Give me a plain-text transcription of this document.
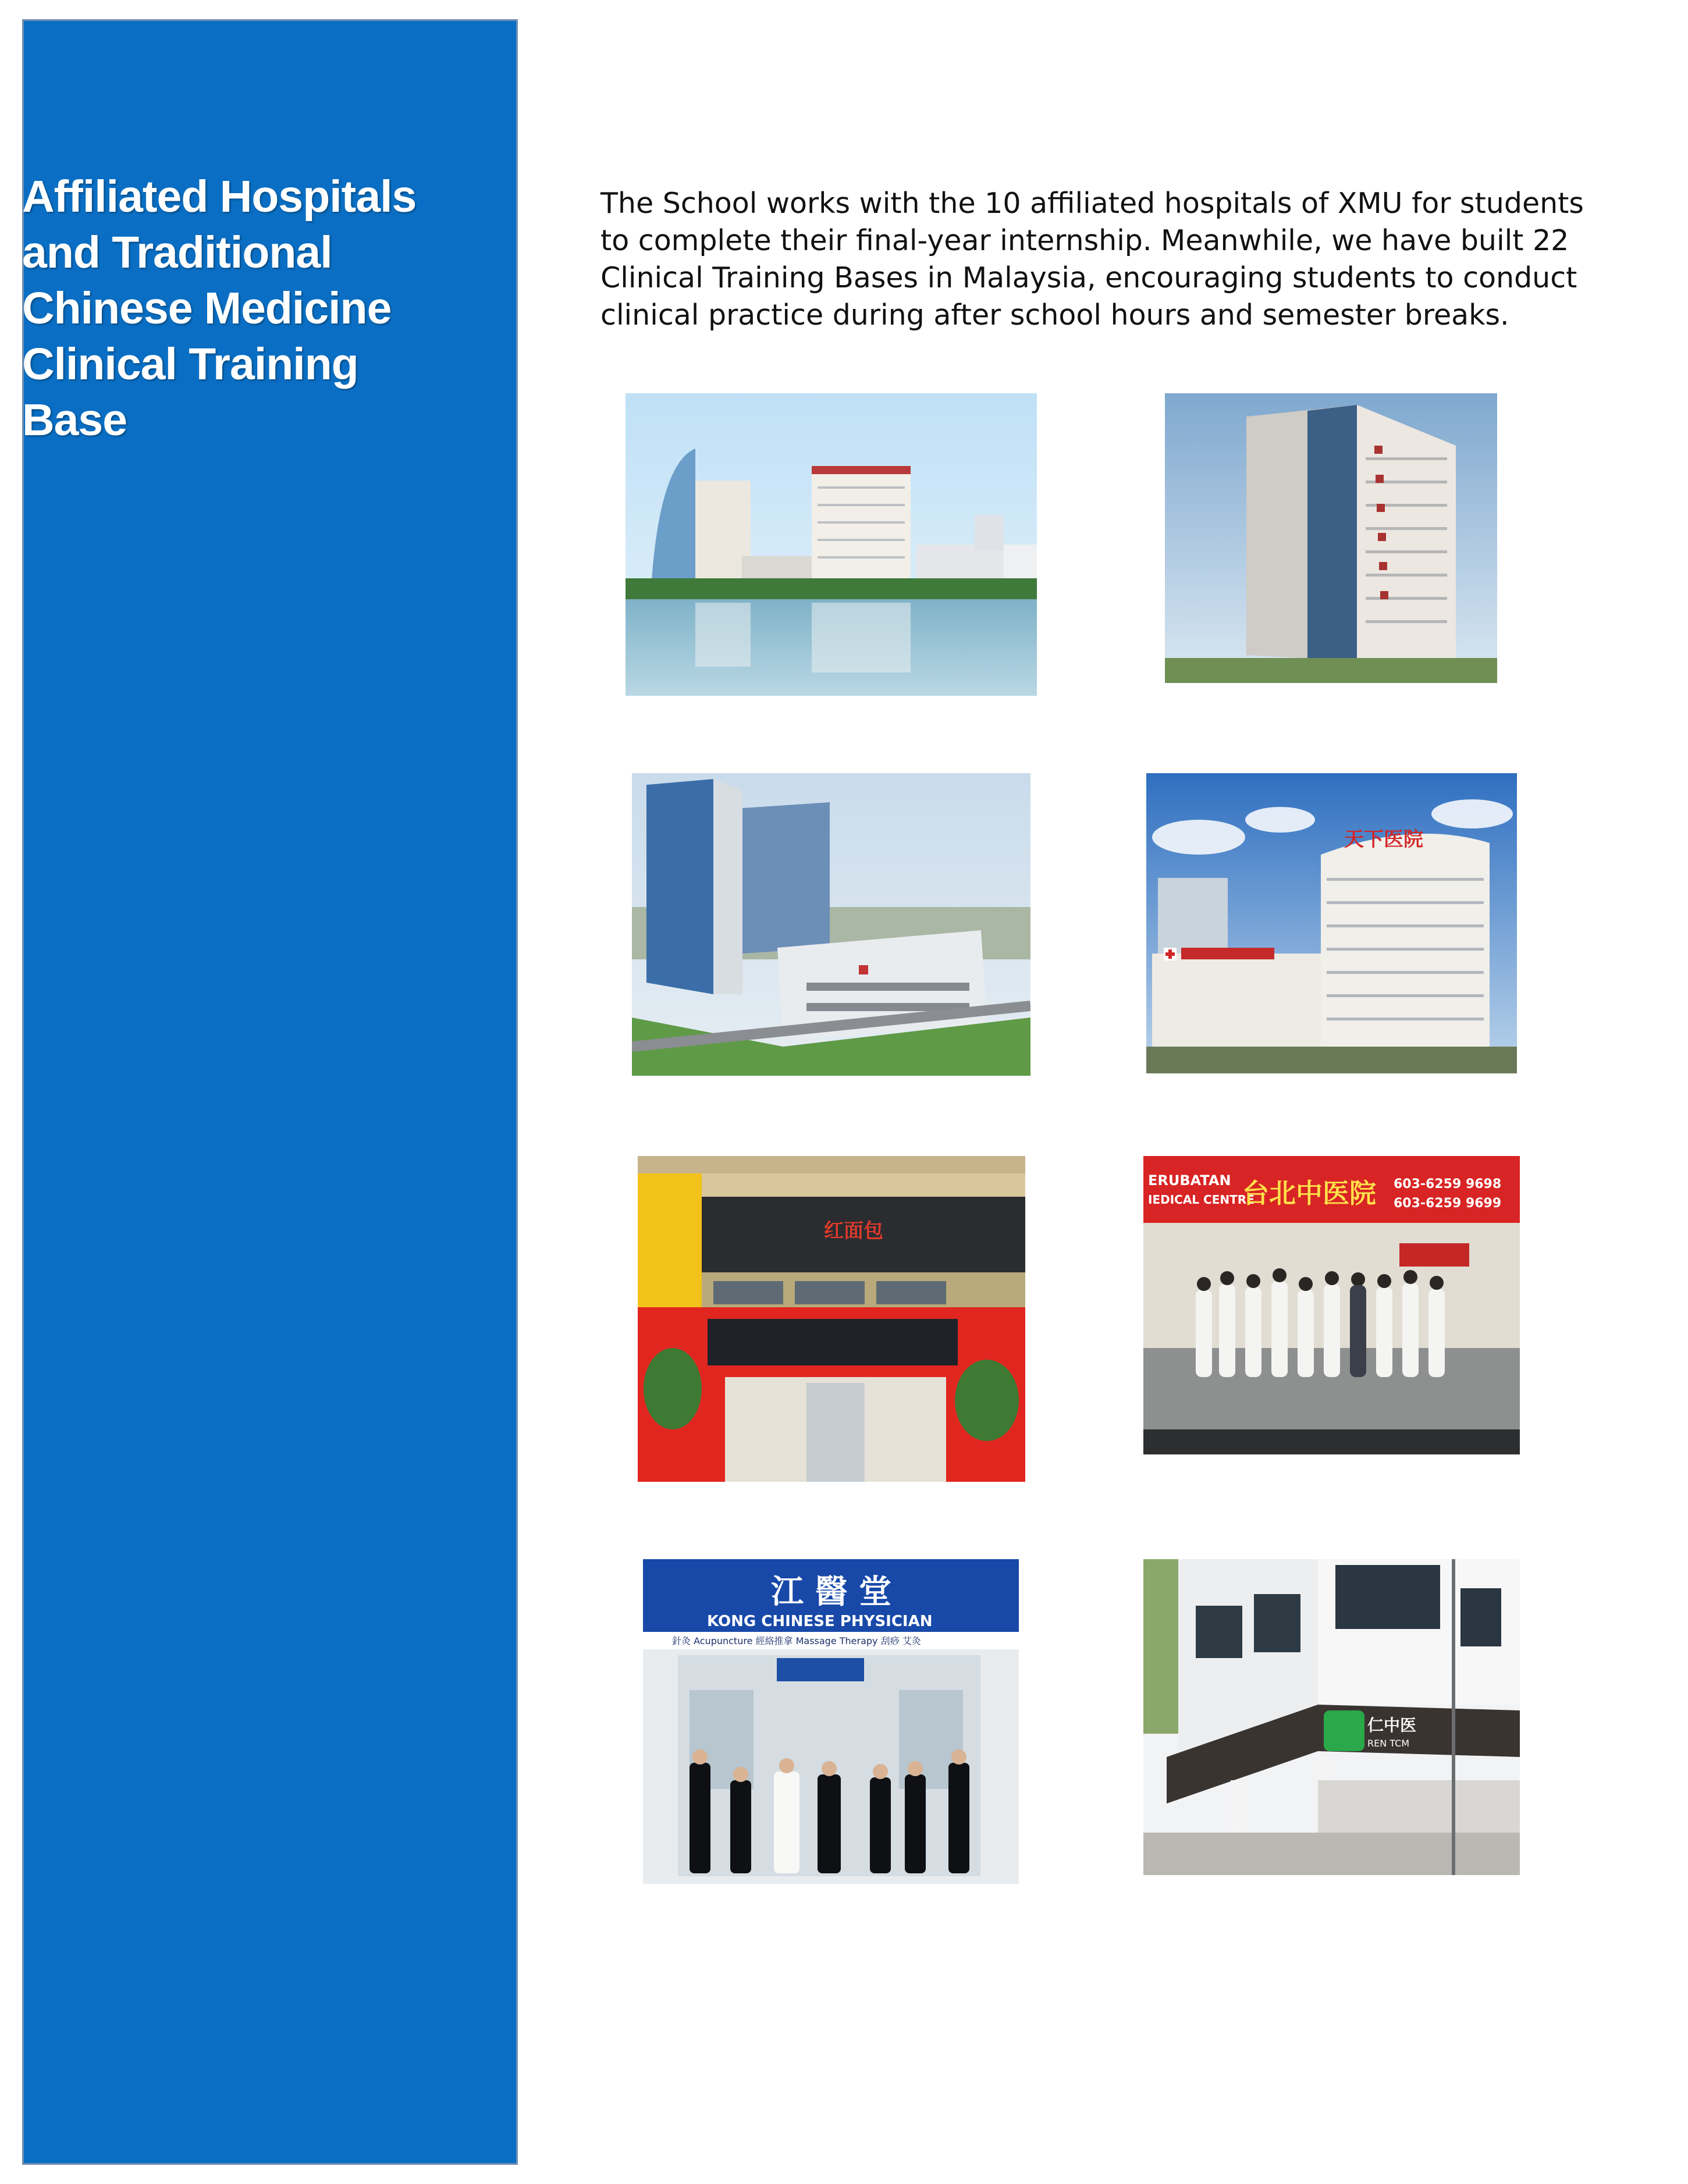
Affiliated Hospitals and Traditional Chinese Medicine Clinical Training Base

The School works with the 10 affiliated hospitals of XMU for students to complete their final-year internship. Meanwhile, we have built 22 Clinical Training Bases in Malaysia, encouraging students to conduct clinical practice during after school hours and semester breaks.

天下医院
红面包
ERUBATAN
IEDICAL CENTRE
台北中医院 603-6259 9698
603-6259 9699
江 醫 堂
KONG CHINESE PHYSICIAN
針灸 Acupuncture 經絡推拿 Massage Therapy 刮痧 艾灸
仁中医
REN TCM
